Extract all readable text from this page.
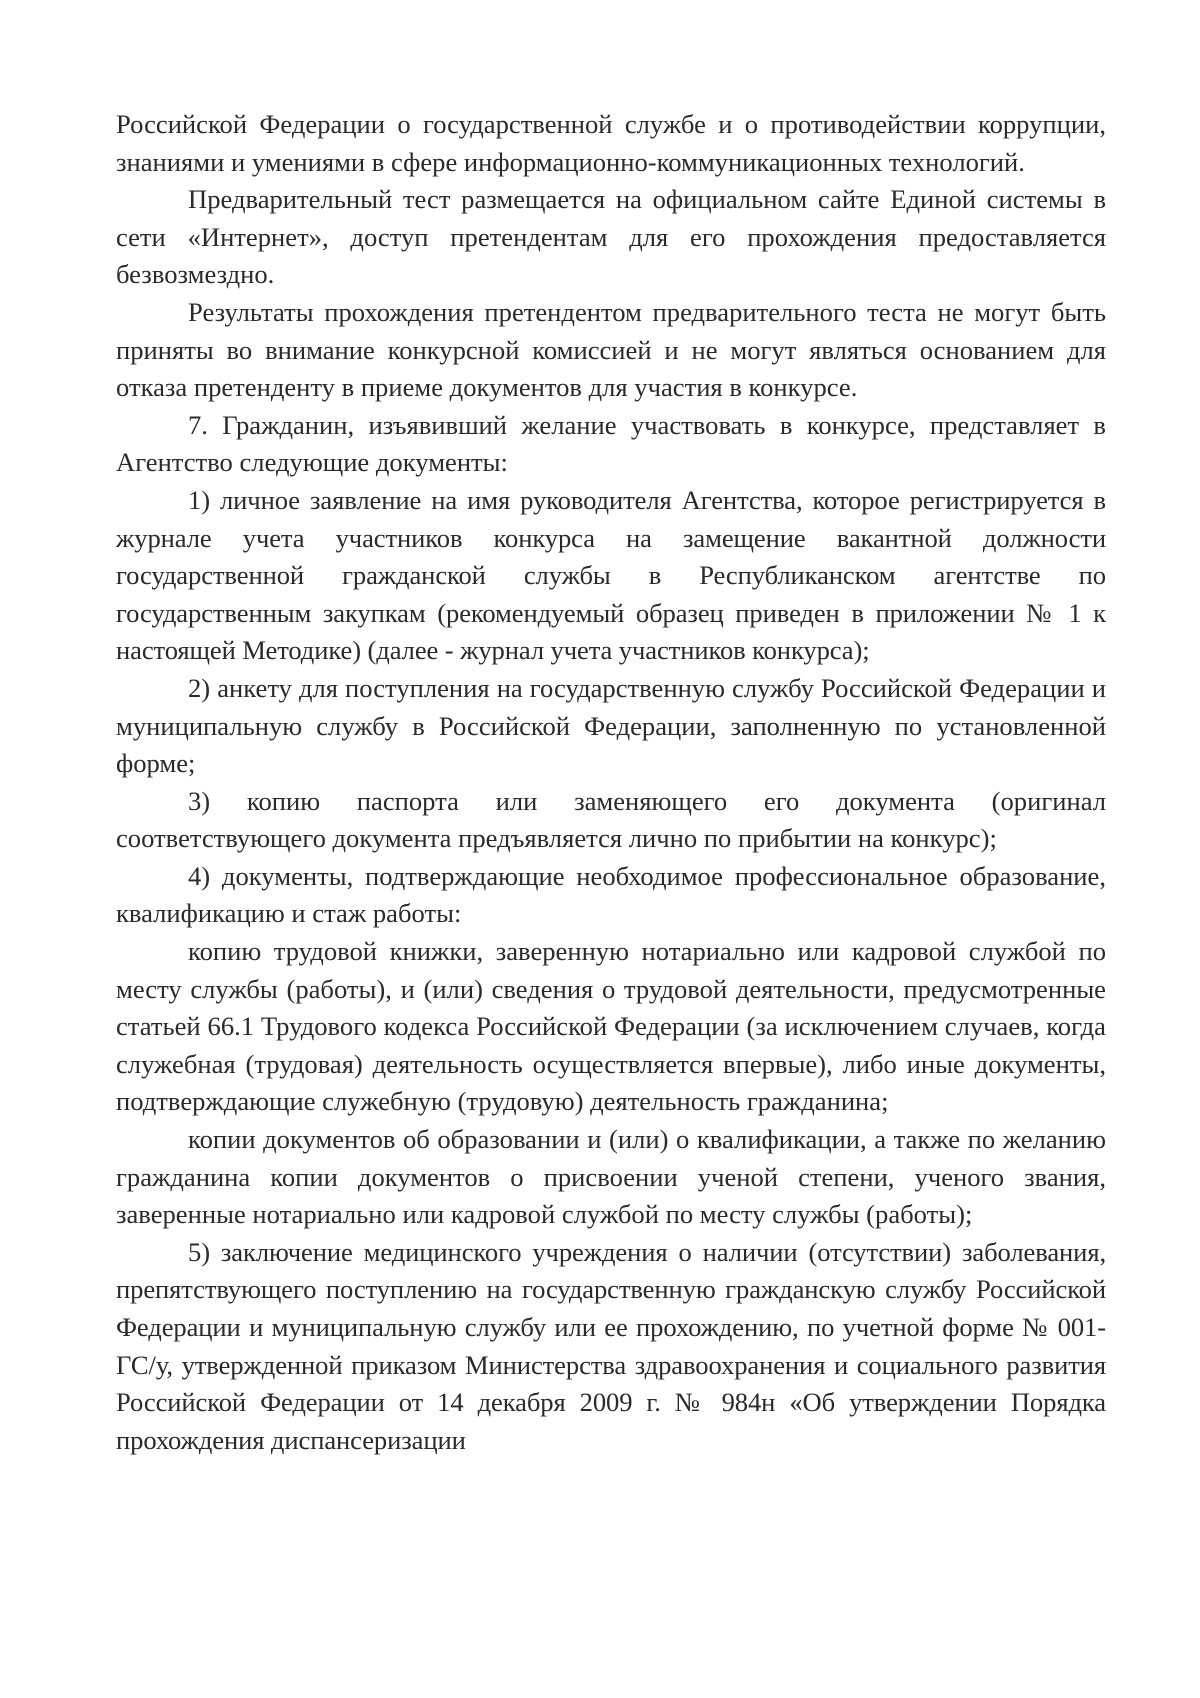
Российской Федерации о государственной службе и о противодействии коррупции, знаниями и умениями в сфере информационно-коммуникационных технологий.

Предварительный тест размещается на официальном сайте Единой системы в сети «Интернет», доступ претендентам для его прохождения предоставляется безвозмездно.

Результаты прохождения претендентом предварительного теста не могут быть приняты во внимание конкурсной комиссией и не могут являться основанием для отказа претенденту в приеме документов для участия в конкурсе.

7. Гражданин, изъявивший желание участвовать в конкурсе, представляет в Агентство следующие документы:

1) личное заявление на имя руководителя Агентства, которое регистрируется в журнале учета участников конкурса на замещение вакантной должности государственной гражданской службы в Республиканском агентстве по государственным закупкам (рекомендуемый образец приведен в приложении № 1 к настоящей Методике) (далее - журнал учета участников конкурса);

2) анкету для поступления на государственную службу Российской Федерации и муниципальную службу в Российской Федерации, заполненную по установленной форме;

3) копию паспорта или заменяющего его документа (оригинал соответствующего документа предъявляется лично по прибытии на конкурс);

4) документы, подтверждающие необходимое профессиональное образование, квалификацию и стаж работы:

копию трудовой книжки, заверенную нотариально или кадровой службой по месту службы (работы), и (или) сведения о трудовой деятельности, предусмотренные статьей 66.1 Трудового кодекса Российской Федерации (за исключением случаев, когда служебная (трудовая) деятельность осуществляется впервые), либо иные документы, подтверждающие служебную (трудовую) деятельность гражданина;

копии документов об образовании и (или) о квалификации, а также по желанию гражданина копии документов о присвоении ученой степени, ученого звания, заверенные нотариально или кадровой службой по месту службы (работы);

5) заключение медицинского учреждения о наличии (отсутствии) заболевания, препятствующего поступлению на государственную гражданскую службу Российской Федерации и муниципальную службу или ее прохождению, по учетной форме № 001-ГС/у, утвержденной приказом Министерства здравоохранения и социального развития Российской Федерации от 14 декабря 2009 г. № 984н «Об утверждении Порядка прохождения диспансеризации
